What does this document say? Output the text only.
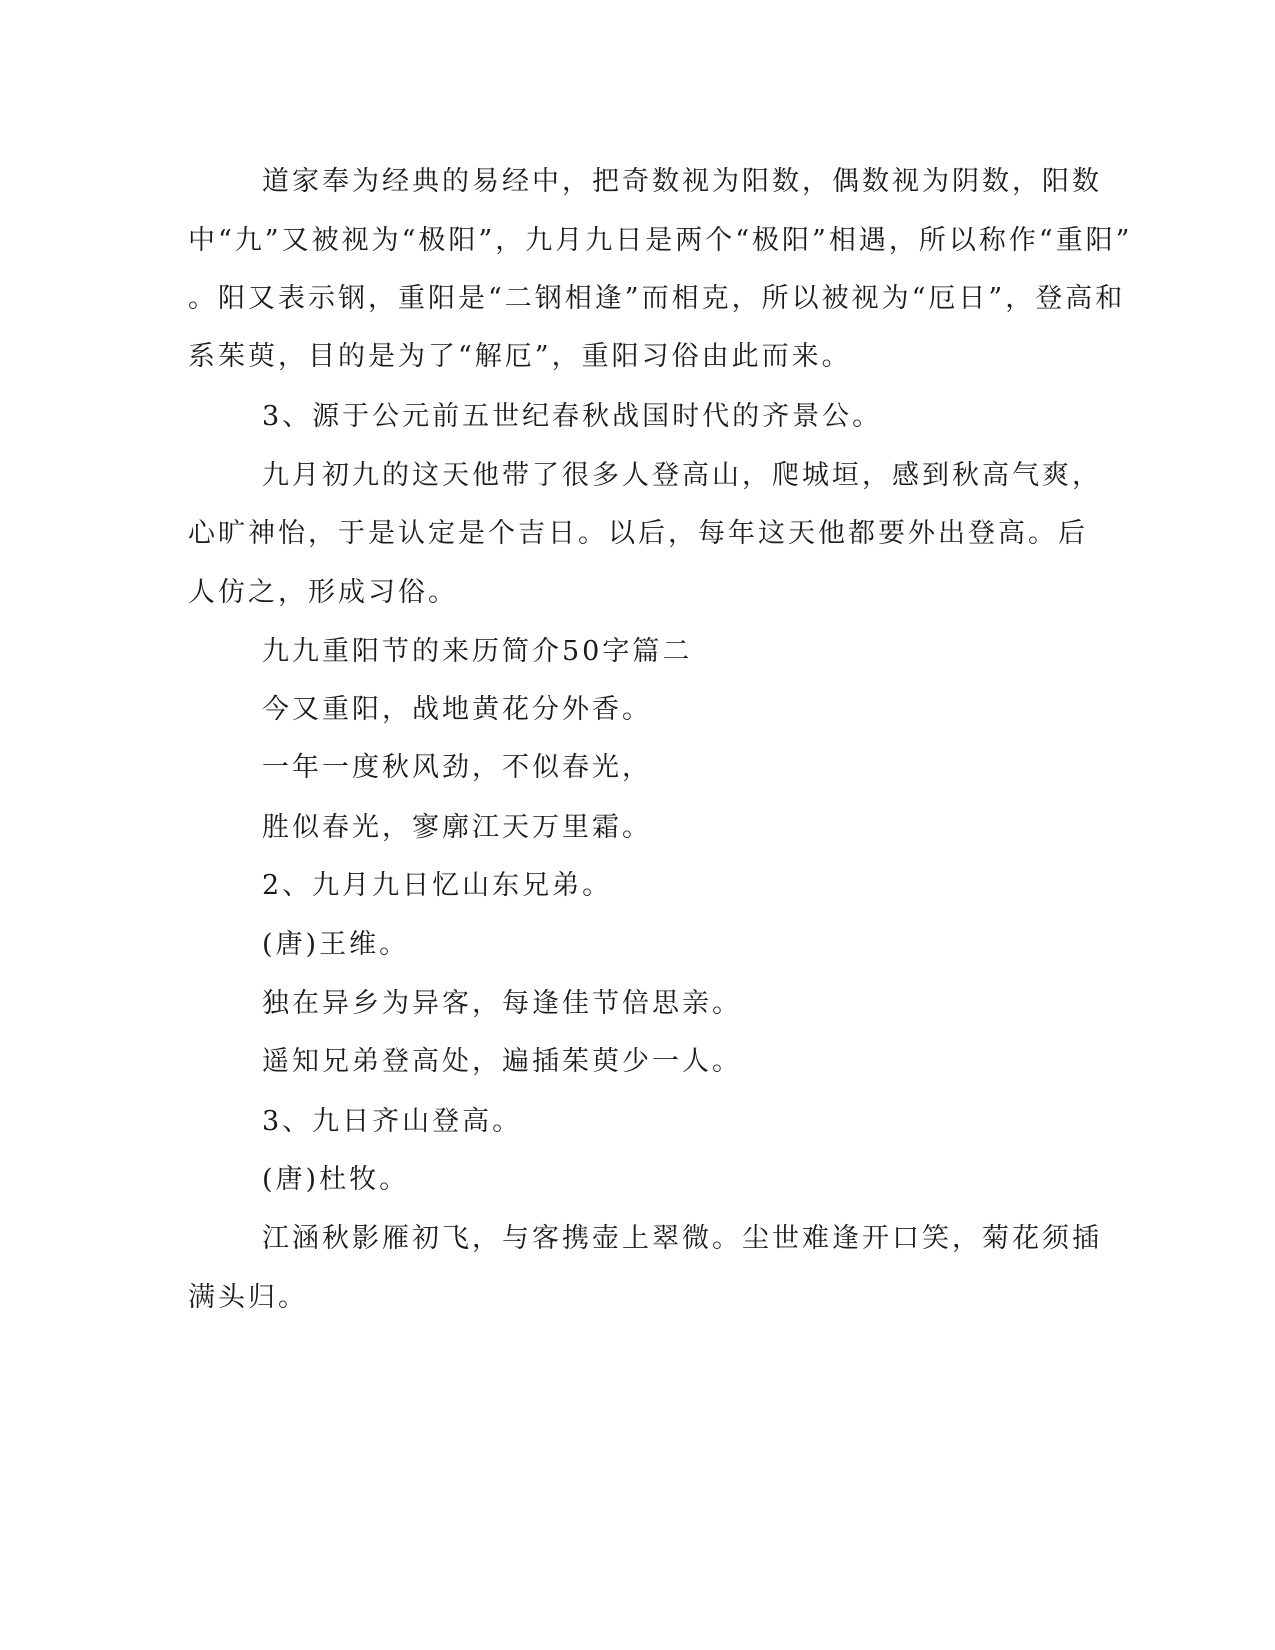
道家奉为经典的易经中，把奇数视为阳数，偶数视为阴数，阳数
中“九”又被视为“极阳”，九月九日是两个“极阳”相遇，所以称作“重阳”
。阳又表示钢，重阳是“二钢相逢”而相克，所以被视为“厄日”，登高和
系茱萸，目的是为了“解厄”，重阳习俗由此而来。
3、源于公元前五世纪春秋战国时代的齐景公。
九月初九的这天他带了很多人登高山，爬城垣，感到秋高气爽，
心旷神怡，于是认定是个吉日。以后，每年这天他都要外出登高。后
人仿之，形成习俗。
九九重阳节的来历简介50字篇二
今又重阳，战地黄花分外香。
一年一度秋风劲，不似春光，
胜似春光，寥廓江天万里霜。
2、九月九日忆山东兄弟。
(唐)王维。
独在异乡为异客，每逢佳节倍思亲。
遥知兄弟登高处，遍插茱萸少一人。
3、九日齐山登高。
(唐)杜牧。
江涵秋影雁初飞，与客携壶上翠微。尘世难逢开口笑，菊花须插
满头归。
